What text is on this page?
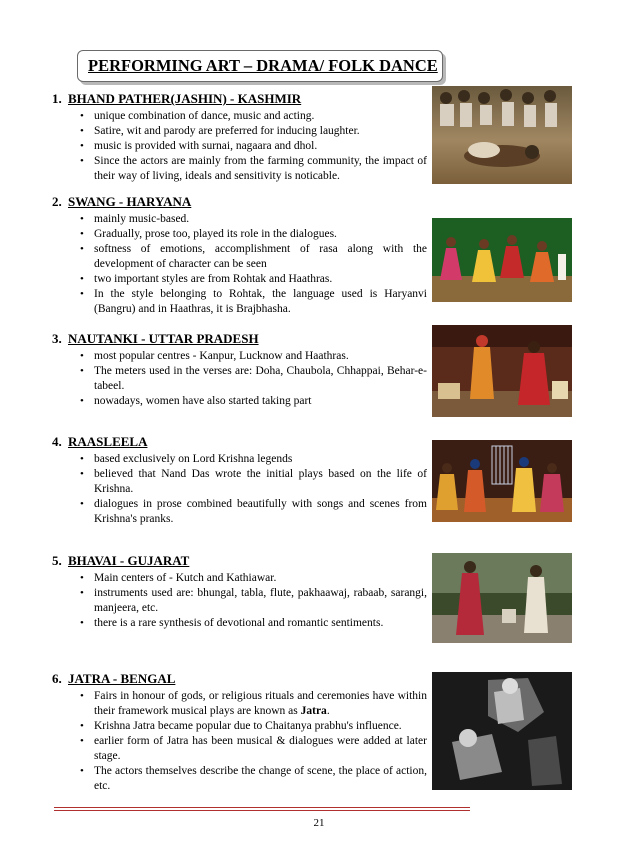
PERFORMING ART – DRAMA/ FOLK DANCE
1. BHAND PATHER(JASHIN) - KASHMIR
• unique combination of dance, music and acting.
• Satire, wit and parody are preferred for inducing laughter.
• music is provided with surnai, nagaara and dhol.
• Since the actors are mainly from the farming community, the impact of their way of living, ideals and sensitivity is noticable.
2. SWANG - HARYANA
• mainly music-based.
• Gradually, prose too, played its role in the dialogues.
• softness of emotions, accomplishment of rasa along with the development of character can be seen
• two important styles are from Rohtak and Haathras.
• In the style belonging to Rohtak, the language used is Haryanvi (Bangru) and in Haathras, it is Brajbhasha.
3. NAUTANKI - UTTAR PRADESH
• most popular centres - Kanpur, Lucknow and Haathras.
• The meters used in the verses are: Doha, Chaubola, Chhappai, Behar-e-tabeel.
• nowadays, women have also started taking part
4. RAASLEELA
• based exclusively on Lord Krishna legends
• believed that Nand Das wrote the initial plays based on the life of Krishna.
• dialogues in prose combined beautifully with songs and scenes from Krishna's pranks.
5. BHAVAI - GUJARAT
• Main centers of - Kutch and Kathiawar.
• instruments used are: bhungal, tabla, flute, pakhaawaj, rabaab, sarangi, manjeera, etc.
• there is a rare synthesis of devotional and romantic sentiments.
6. JATRA - BENGAL
• Fairs in honour of gods, or religious rituals and ceremonies have within their framework musical plays are known as Jatra.
• Krishna Jatra became popular due to Chaitanya prabhu's influence.
• earlier form of Jatra has been musical & dialogues were added at later stage.
• The actors themselves describe the change of scene, the place of action, etc.
21
